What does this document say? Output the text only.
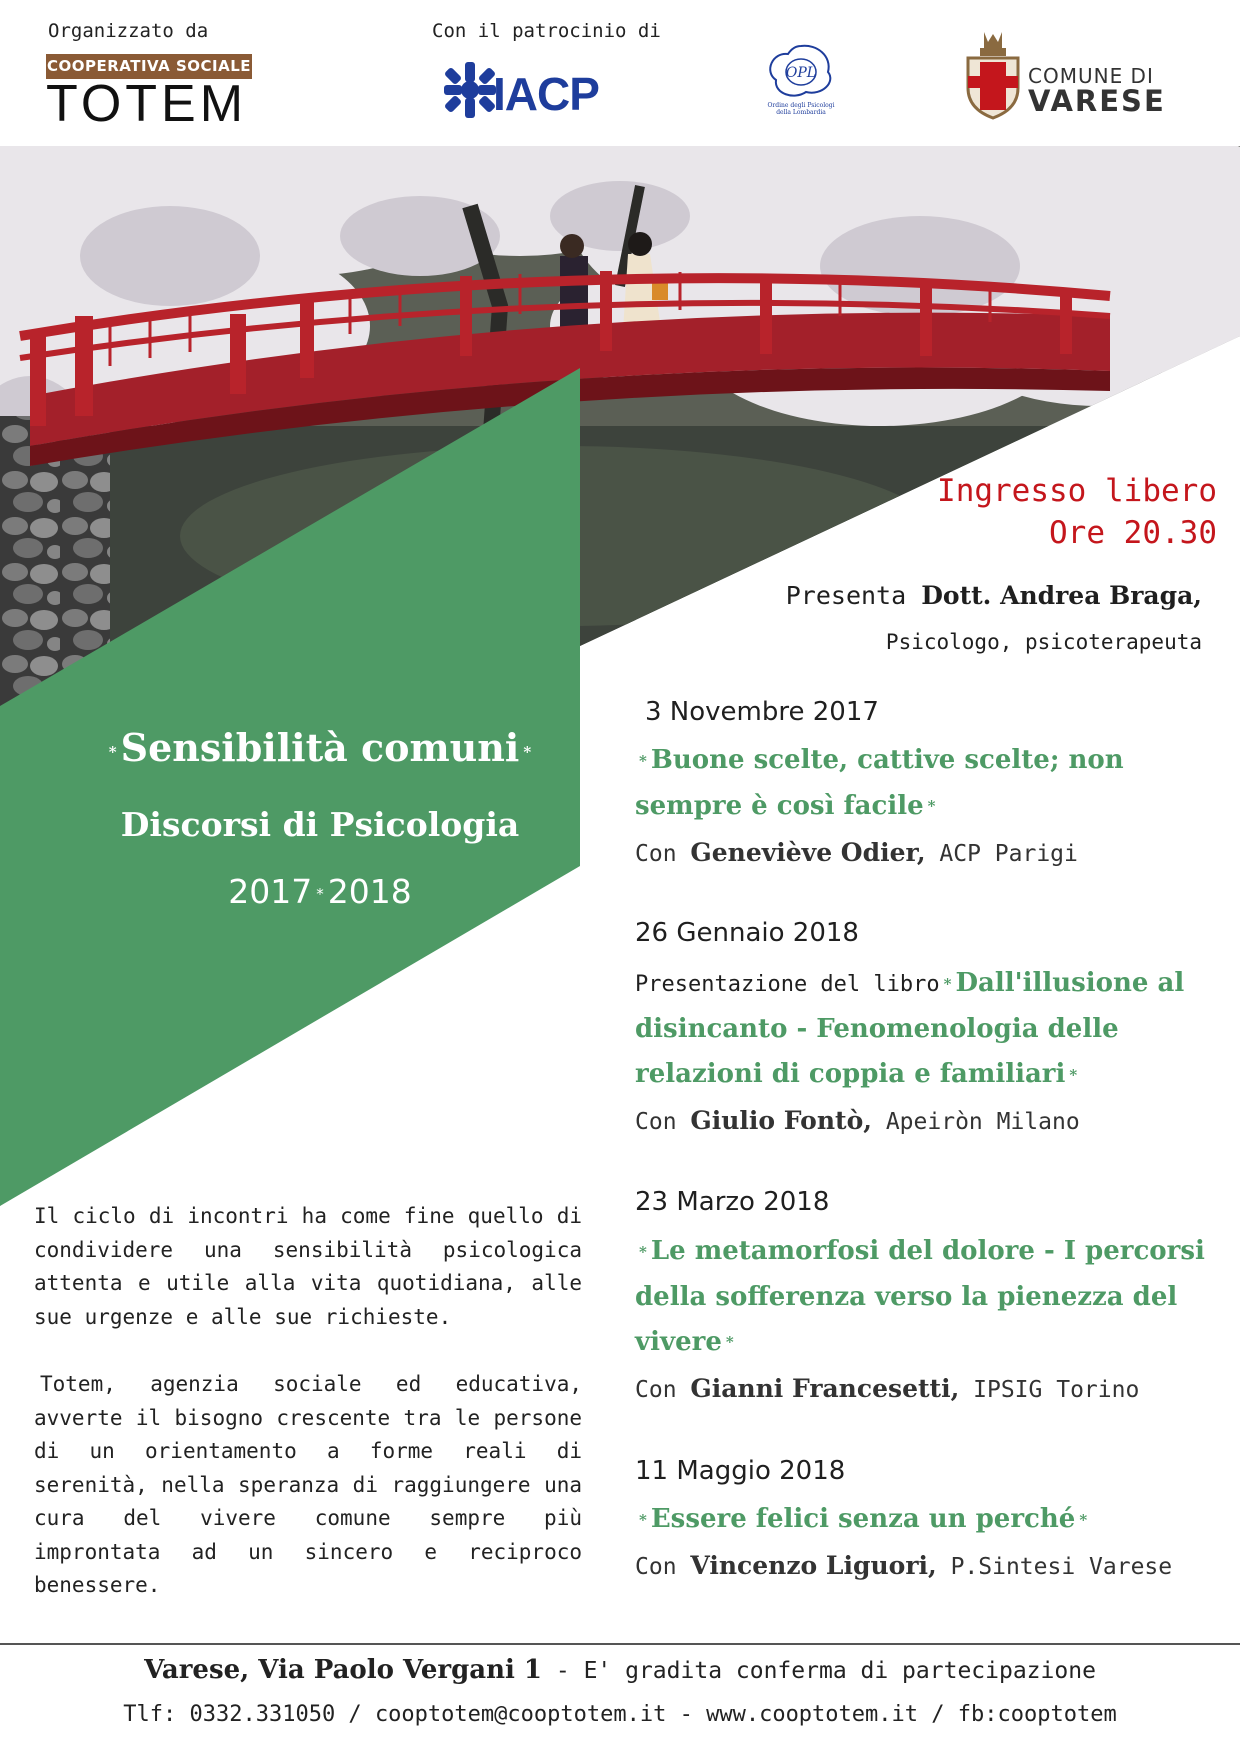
Organizzato da
COOPERATIVA SOCIALE
TOTEM
Con il patrocinio di
IACP	OPL
Ordine degli Psicologi della Lombardia
COMUNE DI
VARESE
Ingresso libero
Ore 20.30
Presenta Dott. Andrea Braga,
Psicologo, psicoterapeuta
3 Novembre 2017
* Buone scelte, cattive scelte; non sempre è così facile *
Con Geneviève Odier, ACP Parigi
26 Gennaio 2018
Presentazione del libro * Dall'illusione al disincanto - Fenomenologia delle relazioni di coppia e familiari *
Con Giulio Fontò, Apeiròn Milano
23 Marzo 2018
* Le metamorfosi del dolore - I percorsi della sofferenza verso la pienezza del vivere *
Con Gianni Francesetti, IPSIG Torino
11 Maggio 2018
* Essere felici senza un perché *
Con Vincenzo Liguori, P.Sintesi Varese
* Sensibilità comuni *
Discorsi di Psicologia
2017 * 2018
Il ciclo di incontri ha come fine quello di condividere una sensibilità psicologica attenta e utile alla vita quotidiana, alle sue urgenze e alle sue richieste.
Totem, agenzia sociale ed educativa, avverte il bisogno crescente tra le persone di un orientamento a forme reali di serenità, nella speranza di raggiungere una cura del vivere comune sempre più improntata ad un sincero e reciproco benessere.
Varese, Via Paolo Vergani 1 - E' gradita conferma di partecipazione
Tlf: 0332.331050 / cooptotem@cooptotem.it - www.cooptotem.it / fb:cooptotem
